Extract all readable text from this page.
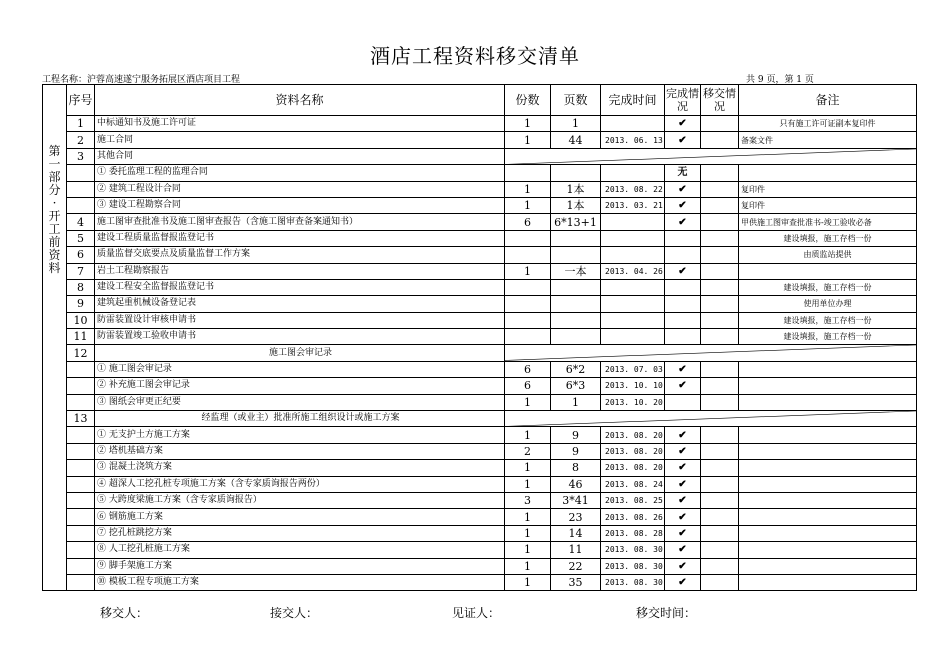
酒店工程资料移交清单
工程名称：沪蓉高速遂宁服务拓展区酒店项目工程	共 9 页，第 1 页
第一部分·开工前资料	序号	资料名称	份数	页数	完成时间	完成情况	移交情况	备注
	1	中标通知书及施工许可证	1	1		✔		只有施工许可证副本复印件
	2	施工合同	1	44	2013. 06. 13	✔		备案文件
	3	其他合同	

		① 委托监理工程的监理合同				无		
		② 建筑工程设计合同	1	1本	2013. 08. 22	✔		复印件
		③ 建设工程勘察合同	1	1本	2013. 03. 21	✔		复印件
	4	施工图审查批准书及施工图审查报告（含施工图审查备案通知书）	6	6*13+1		✔		甲供施工图审查批准书-竣工验收必备
	5	建设工程质量监督报监登记书						建设填报，施工存档一份
	6	质量监督交底要点及质量监督工作方案						由质监站提供
	7	岩土工程勘察报告	1	一本	2013. 04. 26	✔		
	8	建设工程安全监督报监登记书						建设填报，施工存档一份
	9	建筑起重机械设备登记表						使用单位办理
	10	防雷装置设计审核申请书						建设填报，施工存档一份
	11	防雷装置竣工验收申请书						建设填报，施工存档一份
	12	施工图会审记录	

		① 施工图会审记录	6	6*2	2013. 07. 03	✔		
		② 补充施工图会审记录	6	6*3	2013. 10. 10	✔		
		③ 图纸会审更正纪要	1	1	2013. 10. 20			
	13	经监理（或业主）批准所施工组织设计或施工方案	

		① 无支护土方施工方案	1	9	2013. 08. 20	✔		
		② 塔机基础方案	2	9	2013. 08. 20	✔		
		③ 混凝土浇筑方案	1	8	2013. 08. 20	✔		
		④ 超深人工挖孔桩专项施工方案（含专家质询报告两份）	1	46	2013. 08. 24	✔		
		⑤ 大跨度梁施工方案（含专家质询报告）	3	3*41	2013. 08. 25	✔		
		⑥ 钢筋施工方案	1	23	2013. 08. 26	✔		
		⑦ 挖孔桩跳挖方案	1	14	2013. 08. 28	✔		
		⑧ 人工挖孔桩施工方案	1	11	2013. 08. 30	✔		
		⑨ 脚手架施工方案	1	22	2013. 08. 30	✔		
		⑩ 模板工程专项施工方案	1	35	2013. 08. 30	✔		
移交人：	接交人：	见证人：	移交时间：
